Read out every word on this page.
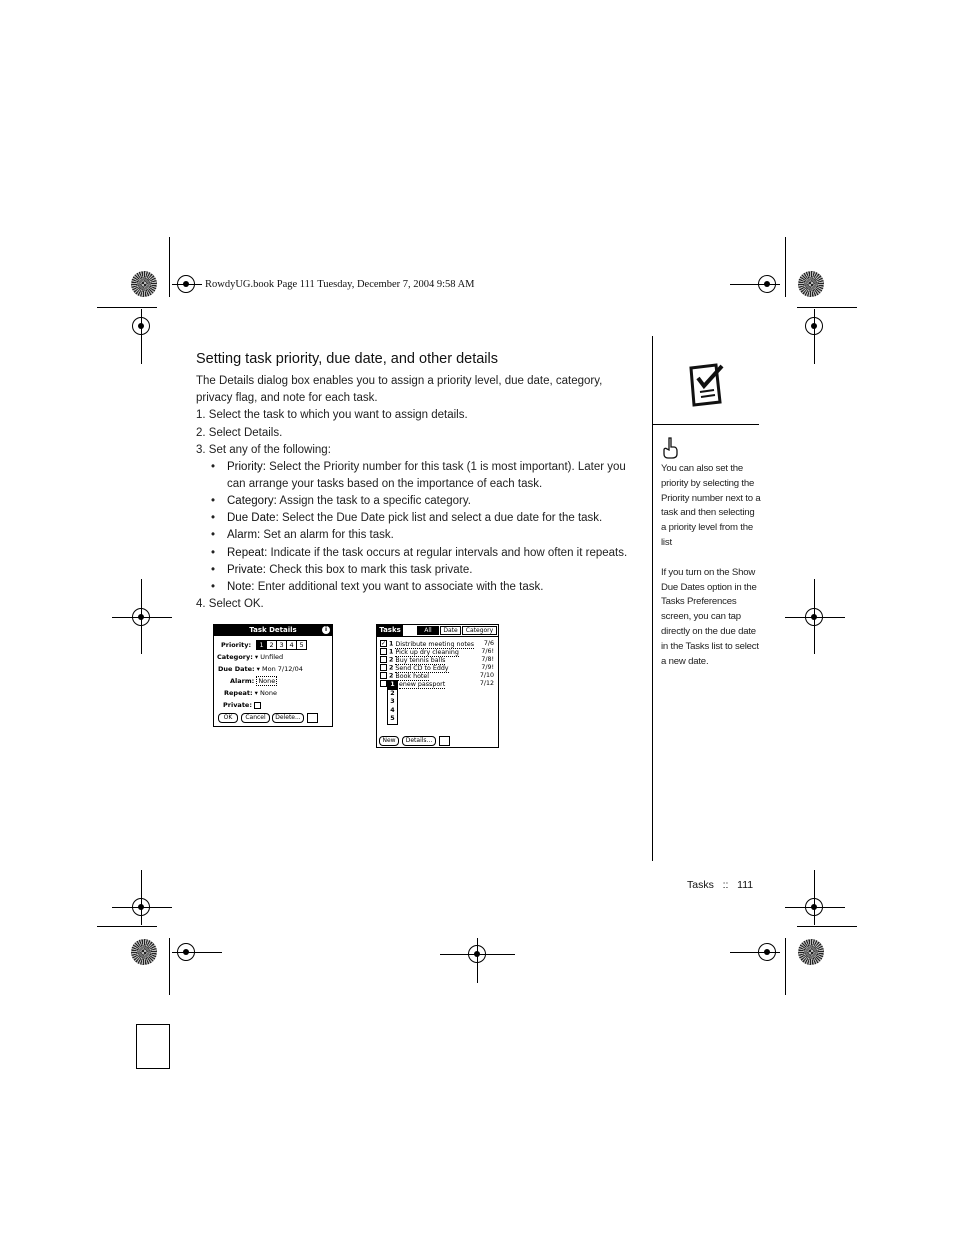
RowdyUG.book Page 111 Tuesday, December 7, 2004 9:58 AM
Setting task priority, due date, and other details
The Details dialog box enables you to assign a priority level, due date, category, privacy flag, and note for each task.
1. Select the task to which you want to assign details.
2. Select Details.
3. Set any of the following:
• Priority: Select the Priority number for this task (1 is most important). Later you can arrange your tasks based on the importance of each task.
• Category: Assign the task to a specific category.
• Due Date: Select the Due Date pick list and select a due date for the task.
• Alarm: Set an alarm for this task.
• Repeat: Indicate if the task occurs at regular intervals and how often it repeats.
• Private: Check this box to mark this task private.
• Note: Enter additional text you want to associate with the task.
4. Select OK.
Task Details	i
Priority: 1 2 3 4 5
Category: ▾ Unfiled
Due Date: ▾ Mon 7/12/04
Alarm: None
Repeat: ▾ None
Private:
OK	Cancel	Delete...
Tasks	All	Date	Category
✓ 1 Distribute meeting notes 7/6
1 Pick up dry cleaning	7/6!
2 Buy tennis balls	7/8!
2 Send CD to Eddy	7/9!
2 Book hotel	7/10
enew passport	7/12
1
2
3
4
5
New	Details...
You can also set the priority by selecting the Priority number next to a task and then selecting a priority level from the list
If you turn on the Show Due Dates option in the Tasks Preferences screen, you can tap directly on the due date in the Tasks list to select a new date.
Tasks   ::   111
